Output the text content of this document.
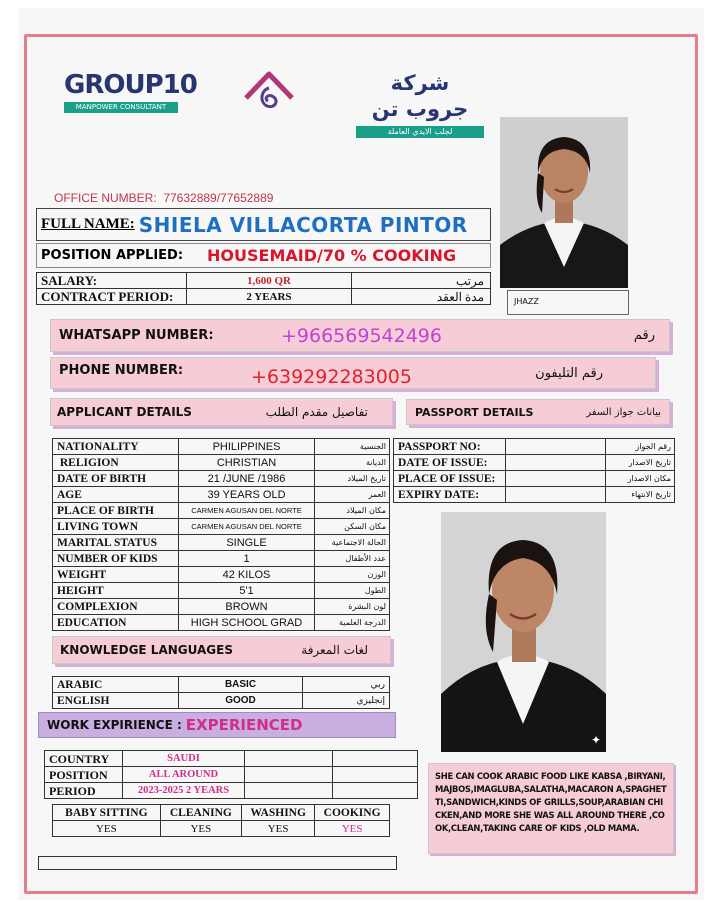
GROUP10
MANPOWER CONSULTANT
شركة جروب تن
لجلب الايدي العاملة
OFFICE NUMBER:  77632889/77652889
FULL NAME: SHIELA VILLACORTA PINTOR
POSITION APPLIED:	HOUSEMAID/70 % COOKING
SALARY:	1,600 QR	مرتب
CONTRACT PERIOD:	2 YEARS	مدة العقد	JHAZZ
WHATSAPP NUMBER:	+966569542496	رقم
PHONE NUMBER:	+639292283005	رقم التليفون
APPLICANT DETAILS	تفاصيل مقدم الطلب	PASSPORT DETAILS	بيانات جواز السفر
NATIONALITY	PHILIPPINES	الجنسية
RELIGION	CHRISTIAN	الديانة
DATE OF BIRTH	21 /JUNE /1986	تاريخ الميلاد
AGE	39 YEARS OLD	العمر
PLACE OF BIRTH	CARMEN AGUSAN DEL NORTE	مكان الميلاد
LIVING TOWN	CARMEN AGUSAN DEL NORTE	مكان السكن
MARITAL STATUS	SINGLE	الحالة الاجتماعية
NUMBER OF KIDS	1	عدد الأطفال
WEIGHT	42 KILOS	الوزن
HEIGHT	5'1	الطول
COMPLEXION	BROWN	لون البشرة
EDUCATION	HIGH SCHOOL GRAD	الدرجة العلمية
PASSPORT NO:		رقم الجواز
DATE OF ISSUE:		تاريخ الاصدار
PLACE OF ISSUE:		مكان الاصدار
EXPIRY DATE:		تاريخ الانتهاء
✦
KNOWLEDGE LANGUAGES	لغات المعرفة
ARABIC	BASIC	ربي
ENGLISH	GOOD	إنجليزي
WORK EXPIRIENCE : EXPERIENCED
COUNTRY	SAUDI		
POSITION	ALL AROUND		
PERIOD	2023-2025 2 YEARS		
BABY SITTING	CLEANING	WASHING	COOKING
YES	YES	YES	YES
SHE CAN COOK ARABIC FOOD LIKE KABSA ,BIRYANI,MAJBOS,IMAGLUBA,SALATHA,MACARON A,SPAGHETTI,SANDWICH,KINDS OF GRILLS,SOUP,ARABIAN CHICKEN,AND MORE SHE WAS ALL AROUND THERE ,COOK,CLEAN,TAKING CARE OF KIDS ,OLD MAMA.
